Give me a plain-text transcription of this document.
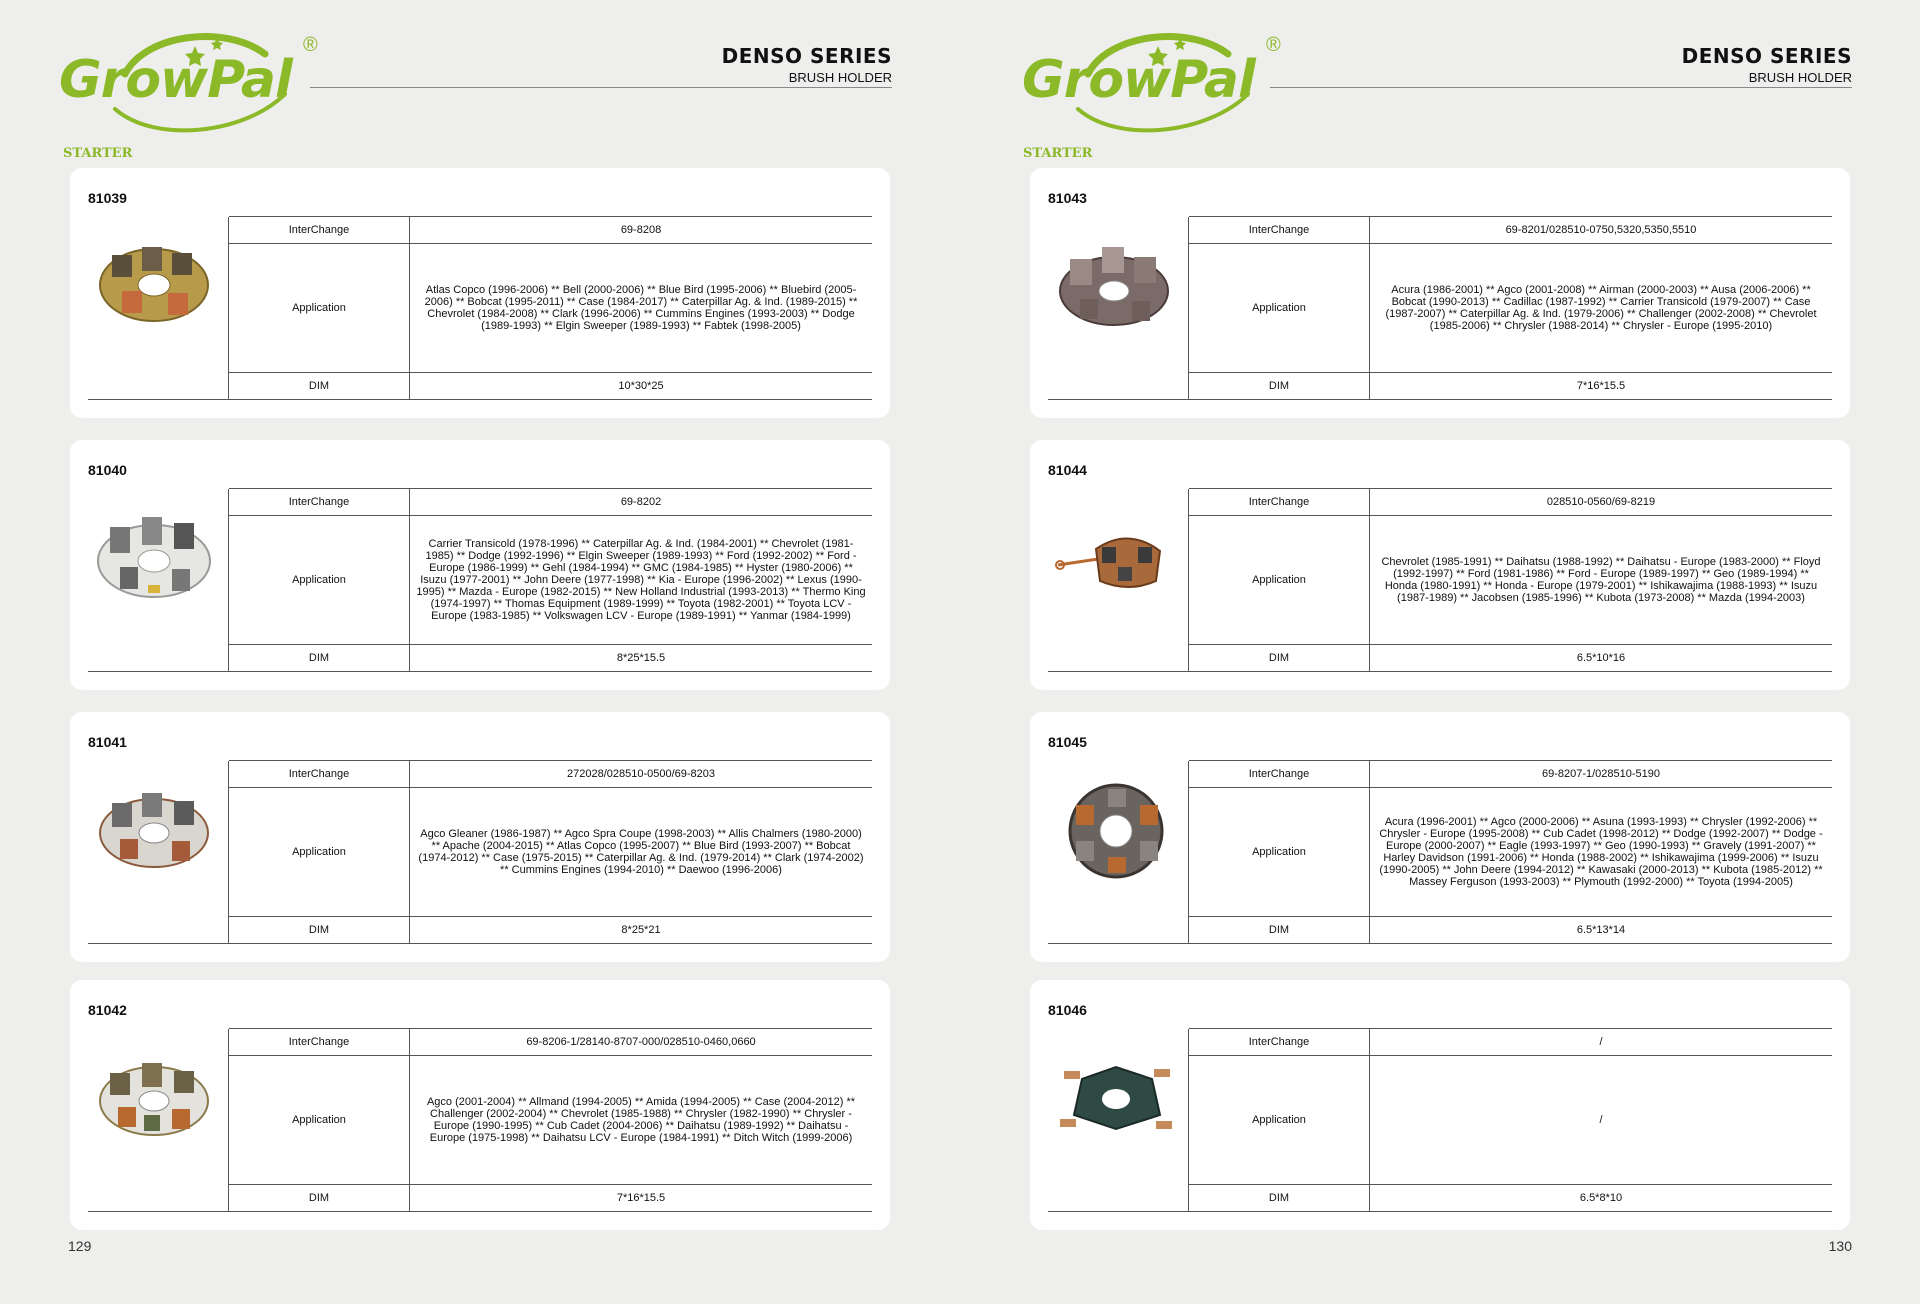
GrowPal
®	DENSO SERIES
BRUSH HOLDER
STARTER
81039
	InterChange	69-8208
	Application	Atlas Copco (1996-2006) ** Bell (2000-2006) ** Blue Bird (1995-2006) ** Bluebird (2005-2006) ** Bobcat (1995-2011) ** Case (1984-2017) ** Caterpillar Ag. & Ind. (1989-2015) ** Chevrolet (1984-2008) ** Clark (1996-2006) ** Cummins Engines (1993-2003) ** Dodge (1989-1993) ** Elgin Sweeper (1989-1993) ** Fabtek (1998-2005)
	DIM	10*30*25
81040
	InterChange	69-8202
	Application	Carrier Transicold (1978-1996) ** Caterpillar Ag. & Ind. (1984-2001) ** Chevrolet (1981-1985) ** Dodge (1992-1996) ** Elgin Sweeper (1989-1993) ** Ford (1992-2002) ** Ford - Europe (1986-1999) ** Gehl (1984-1994) ** GMC (1984-1985) ** Hyster (1980-2006) ** Isuzu (1977-2001) ** John Deere (1977-1998) ** Kia - Europe (1996-2002) ** Lexus (1990-1995) ** Mazda - Europe (1982-2015) ** New Holland Industrial (1993-2013) ** Thermo King (1974-1997) ** Thomas Equipment (1989-1999) ** Toyota (1982-2001) ** Toyota LCV - Europe (1983-1985) ** Volkswagen LCV - Europe (1989-1991) ** Yanmar (1984-1999)
	DIM	8*25*15.5
81041
	InterChange	272028/028510-0500/69-8203
	Application	Agco Gleaner (1986-1987) ** Agco Spra Coupe (1998-2003) ** Allis Chalmers (1980-2000) ** Apache (2004-2015) ** Atlas Copco (1995-2007) ** Blue Bird (1993-2007) ** Bobcat (1974-2012) ** Case (1975-2015) ** Caterpillar Ag. & Ind. (1979-2014) ** Clark (1974-2002) ** Cummins Engines (1994-2010) ** Daewoo (1996-2006)
	DIM	8*25*21
81042
	InterChange	69-8206-1/28140-8707-000/028510-0460,0660
	Application	Agco (2001-2004) ** Allmand (1994-2005) ** Amida (1994-2005) ** Case (2004-2012) ** Challenger (2002-2004) ** Chevrolet (1985-1988) ** Chrysler (1982-1990) ** Chrysler - Europe (1990-1995) ** Cub Cadet (2004-2006) ** Daihatsu (1989-1992) ** Daihatsu - Europe (1975-1998) ** Daihatsu LCV - Europe (1984-1991) ** Ditch Witch (1999-2006)
	DIM	7*16*15.5
129
GrowPal
®	DENSO SERIES
BRUSH HOLDER
STARTER
81043
	InterChange	69-8201/028510-0750,5320,5350,5510
	Application	Acura (1986-2001) ** Agco (2001-2008) ** Airman (2000-2003) ** Ausa (2006-2006) ** Bobcat (1990-2013) ** Cadillac (1987-1992) ** Carrier Transicold (1979-2007) ** Case (1987-2007) ** Caterpillar Ag. & Ind. (1979-2006) ** Challenger (2002-2008) ** Chevrolet (1985-2006) ** Chrysler (1988-2014) ** Chrysler - Europe (1995-2010)
	DIM	7*16*15.5
81044
	InterChange	028510-0560/69-8219
	Application	Chevrolet (1985-1991) ** Daihatsu (1988-1992) ** Daihatsu - Europe (1983-2000) ** Floyd (1992-1997) ** Ford (1981-1986) ** Ford - Europe (1989-1997) ** Geo (1989-1994) ** Honda (1980-1991) ** Honda - Europe (1979-2001) ** Ishikawajima (1988-1993) ** Isuzu (1987-1989) ** Jacobsen (1985-1996) ** Kubota (1973-2008) ** Mazda (1994-2003)
	DIM	6.5*10*16
81045
	InterChange	69-8207-1/028510-5190
	Application	Acura (1996-2001) ** Agco (2000-2006) ** Asuna (1993-1993) ** Chrysler (1992-2006) ** Chrysler - Europe (1995-2008) ** Cub Cadet (1998-2012) ** Dodge (1992-2007) ** Dodge - Europe (2000-2007) ** Eagle (1993-1997) ** Geo (1990-1993) ** Gravely (1991-2007) ** Harley Davidson (1991-2006) ** Honda (1988-2002) ** Ishikawajima (1999-2006) ** Isuzu (1990-2005) ** John Deere (1994-2012) ** Kawasaki (2000-2013) ** Kubota (1985-2012) ** Massey Ferguson (1993-2003) ** Plymouth (1992-2000) ** Toyota (1994-2005)
	DIM	6.5*13*14
81046
	InterChange	/
	Application	/
	DIM	6.5*8*10
130
